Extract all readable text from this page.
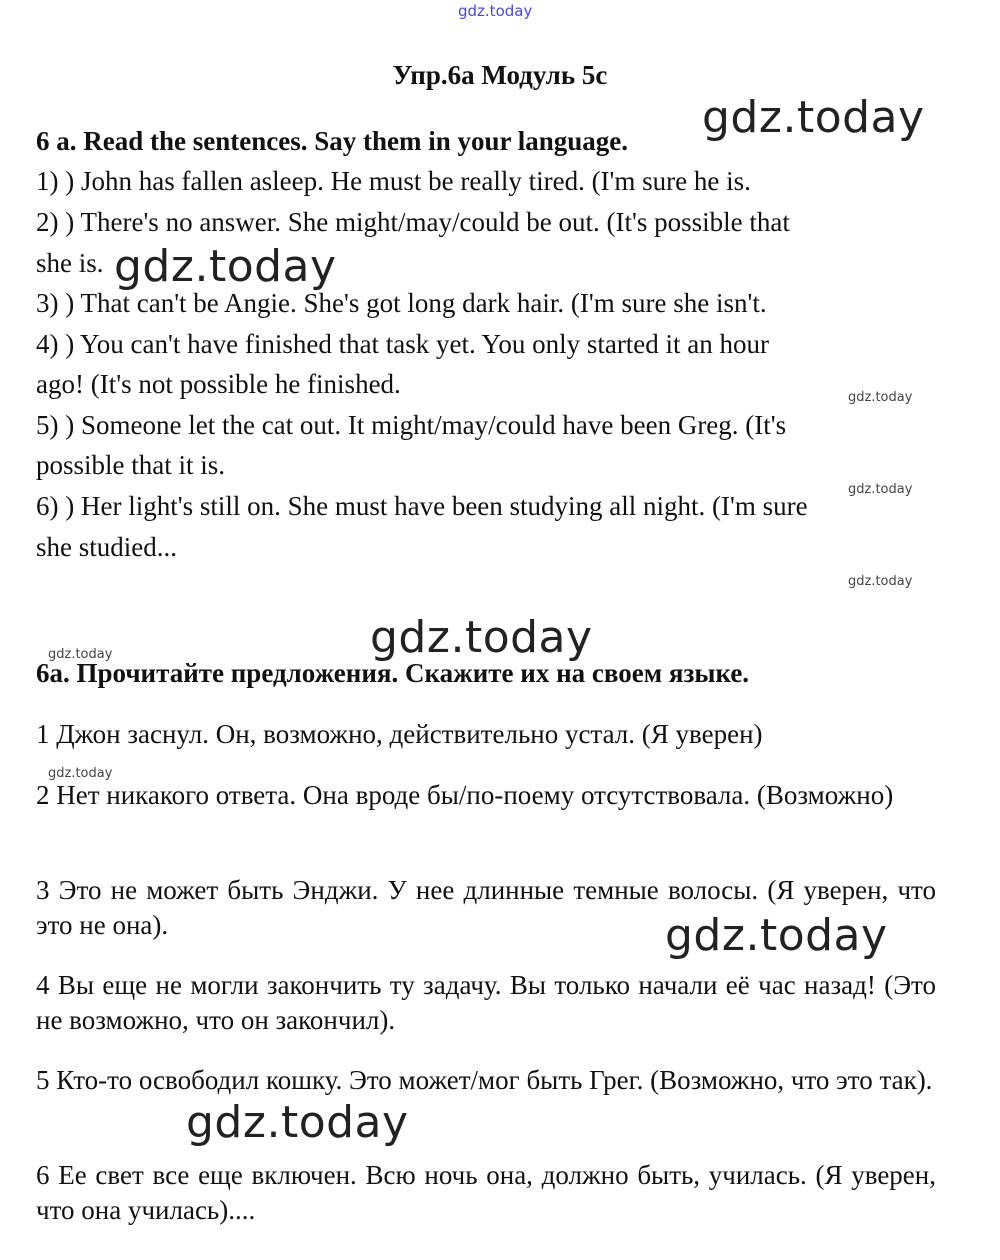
gdz.today
gdz.today
gdz.today
gdz.today
gdz.today
gdz.today
gdz.today
gdz.today
gdz.today
gdz.today
gdz.today
Упр.6а Модуль 5с
6 a. Read the sentences. Say them in your language.
1) ) John has fallen asleep. He must be really tired. (I'm sure he is.
2) ) There's no answer. She might/may/could be out. (It's possible that
she is.
3) ) That can't be Angie. She's got long dark hair. (I'm sure she isn't.
4) ) You can't have finished that task yet. You only started it an hour
ago! (It's not possible he finished.
5) ) Someone let the cat out. It might/may/could have been Greg. (It's
possible that it is.
6) ) Her light's still on. She must have been studying all night. (I'm sure
she studied...
6a. Прочитайте предложения. Скажите их на своем языке.
1 Джон заснул. Он, возможно, действительно устал. (Я уверен)
2 Нет никакого ответа. Она вроде бы/по-поему отсутствовала. (Возможно)
3 Это не может быть Энджи. У нее длинные темные волосы. (Я уверен, что это не она).
4 Вы еще не могли закончить ту задачу. Вы только начали её час назад! (Это не возможно, что он закончил).
5 Кто-то освободил кошку. Это может/мог быть Грег. (Возможно, что это так).
6 Ее свет все еще включен. Всю ночь она, должно быть, училась. (Я уверен, что она училась)....
